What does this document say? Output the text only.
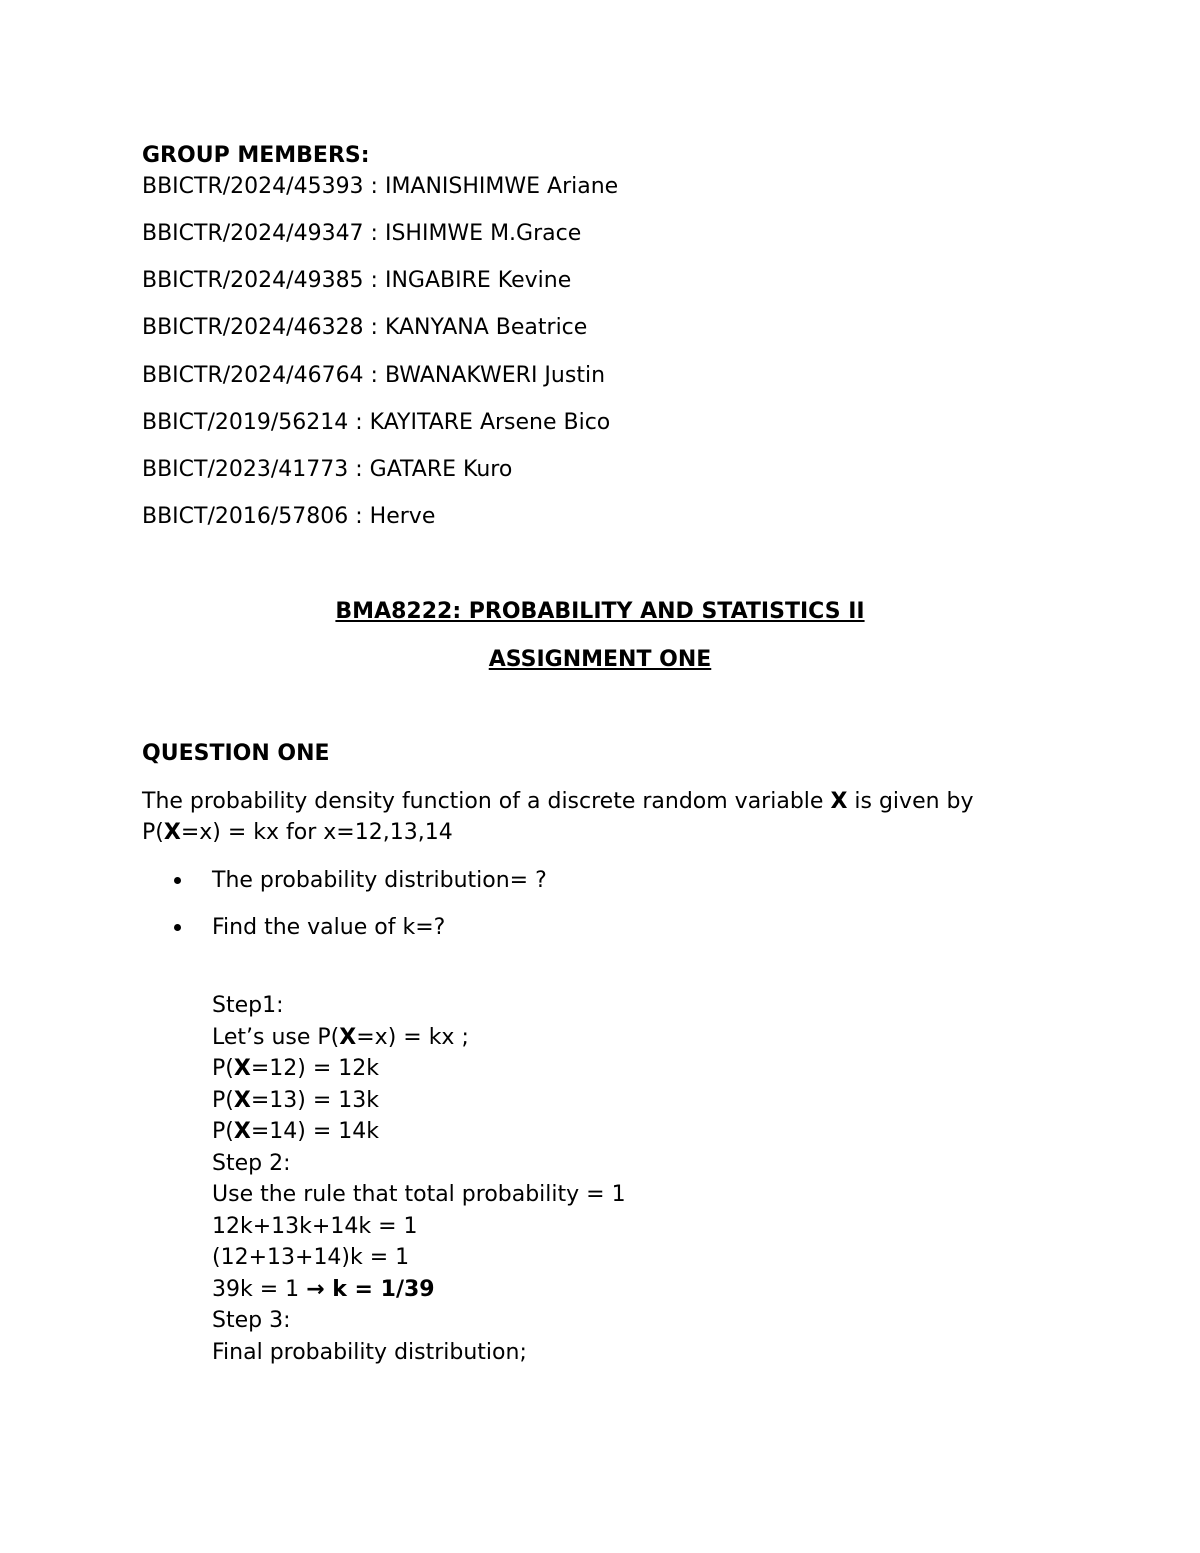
GROUP MEMBERS:
BBICTR/2024/45393 : IMANISHIMWE Ariane
BBICTR/2024/49347 : ISHIMWE M.Grace
BBICTR/2024/49385 : INGABIRE Kevine
BBICTR/2024/46328 : KANYANA Beatrice
BBICTR/2024/46764 : BWANAKWERI Justin
BBICT/2019/56214 : KAYITARE Arsene Bico
BBICT/2023/41773 : GATARE Kuro
BBICT/2016/57806 : Herve
BMA8222: PROBABILITY AND STATISTICS II
ASSIGNMENT ONE
QUESTION ONE
The probability density function of a discrete random variable X is given by
P(X=x) = kx for x=12,13,14
The probability distribution= ?
Find the value of k=?
Step1:
Let’s use P(X=x) = kx ;
P(X=12) = 12k
P(X=13) = 13k
P(X=14) = 14k
Step 2:
Use the rule that total probability = 1
12k+13k+14k = 1
(12+13+14)k = 1
39k = 1 → k = 1/39
Step 3:
Final probability distribution;
